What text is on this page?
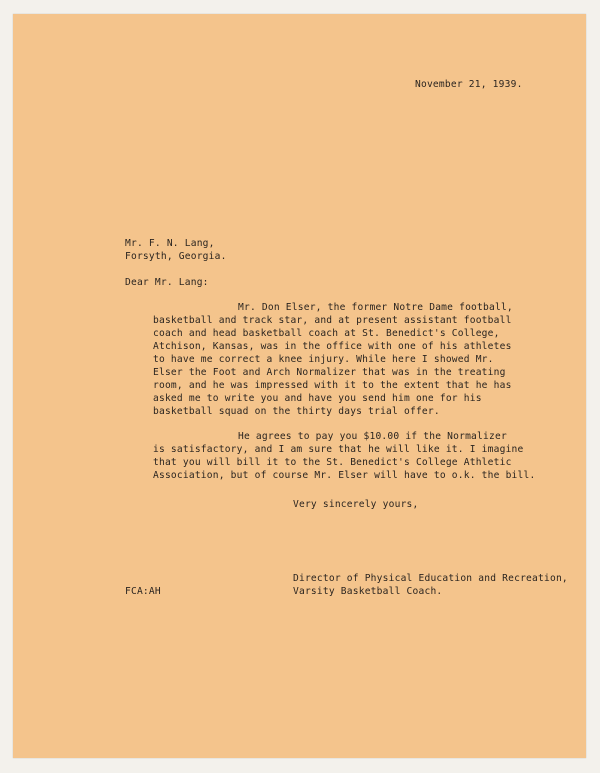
November 21, 1939.
Mr. F. N. Lang,
Forsyth, Georgia.
Dear Mr. Lang:
Mr. Don Elser, the former Notre Dame football,
basketball and track star, and at present assistant football
coach and head basketball coach at St. Benedict's College,
Atchison, Kansas, was in the office with one of his athletes
to have me correct a knee injury. While here I showed Mr.
Elser the Foot and Arch Normalizer that was in the treating
room, and he was impressed with it to the extent that he has
asked me to write you and have you send him one for his
basketball squad on the thirty days trial offer.
He agrees to pay you $10.00 if the Normalizer
is satisfactory, and I am sure that he will like it. I imagine
that you will bill it to the St. Benedict's College Athletic
Association, but of course Mr. Elser will have to o.k. the bill.
Very sincerely yours,
Director of Physical Education and Recreation,
Varsity Basketball Coach.
FCA:AH
